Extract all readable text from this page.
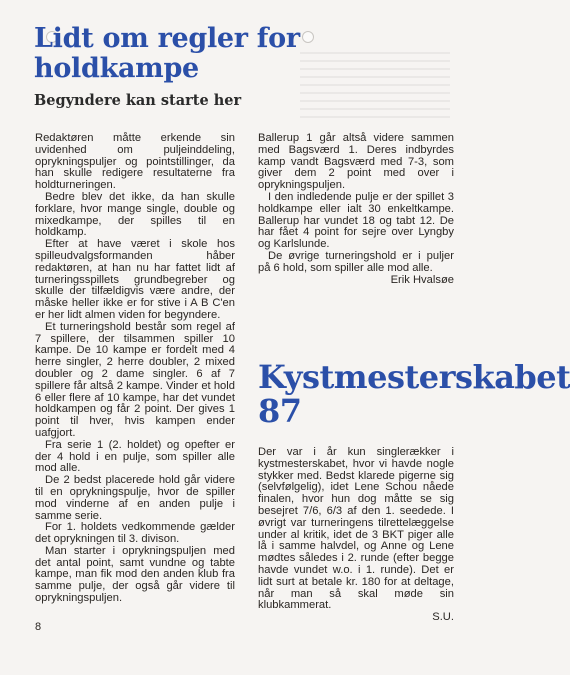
Lidt om regler for holdkampe
Begyndere kan starte her

Redaktøren måtte erkende sin uvidenhed om puljeinddeling, oprykningspuljer og pointstillinger, da han skulle redigere resultaterne fra holdturneringen.

Bedre blev det ikke, da han skulle forklare, hvor mange single, double og mixedkampe, der spilles til en holdkamp.

Efter at have været i skole hos spilleudvalgsformanden håber redaktøren, at han nu har fattet lidt af turneringsspillets grundbegreber og skulle der tilfældigvis være andre, der måske heller ikke er for stive i A B C'en er her lidt almen viden for begyndere.

Et turneringshold består som regel af 7 spillere, der tilsammen spiller 10 kampe. De 10 kampe er fordelt med 4 herre singler, 2 herre doubler, 2 mixed doubler og 2 dame singler. 6 af 7 spillere får altså 2 kampe. Vinder et hold 6 eller flere af 10 kampe, har det vundet holdkampen og får 2 point. Der gives 1 point til hver, hvis kampen ender uafgjort.

Fra serie 1 (2. holdet) og opefter er der 4 hold i en pulje, som spiller alle mod alle.

De 2 bedst placerede hold går videre til en oprykningspulje, hvor de spiller mod vinderne af en anden pulje i samme serie.

For 1. holdets vedkommende gælder det oprykningen til 3. divison.

Man starter i oprykningspuljen med det antal point, samt vundne og tabte kampe, man fik mod den anden klub fra samme pulje, der også går videre til oprykningspuljen.

Ballerup 1 går altså videre sammen med Bagsværd 1. Deres indbyrdes kamp vandt Bagsværd med 7-3, som giver dem 2 point med over i oprykningspuljen.

I den indledende pulje er der spillet 3 holdkampe eller ialt 30 enkeltkampe. Ballerup har vundet 18 og tabt 12. De har fået 4 point for sejre over Lyngby og Karlslunde.

De øvrige turneringshold er i puljer på 6 hold, som spiller alle mod alle.

Erik Hvalsøe
Kystmesterskabet 87

Der var i år kun singlerækker i kystmesterskabet, hvor vi havde nogle stykker med. Bedst klarede pigerne sig (selvfølgelig), idet Lene Schou nåede finalen, hvor hun dog måtte se sig besejret 7/6, 6/3 af den 1. seedede. I øvrigt var turneringens tilrettelæggelse under al kritik, idet de 3 BKT piger alle lå i samme halvdel, og Anne og Lene mødtes således i 2. runde (efter begge havde vundet w.o. i 1. runde). Det er lidt surt at betale kr. 180 for at deltage, når man så skal møde sin klubkammerat.

S.U.
8
